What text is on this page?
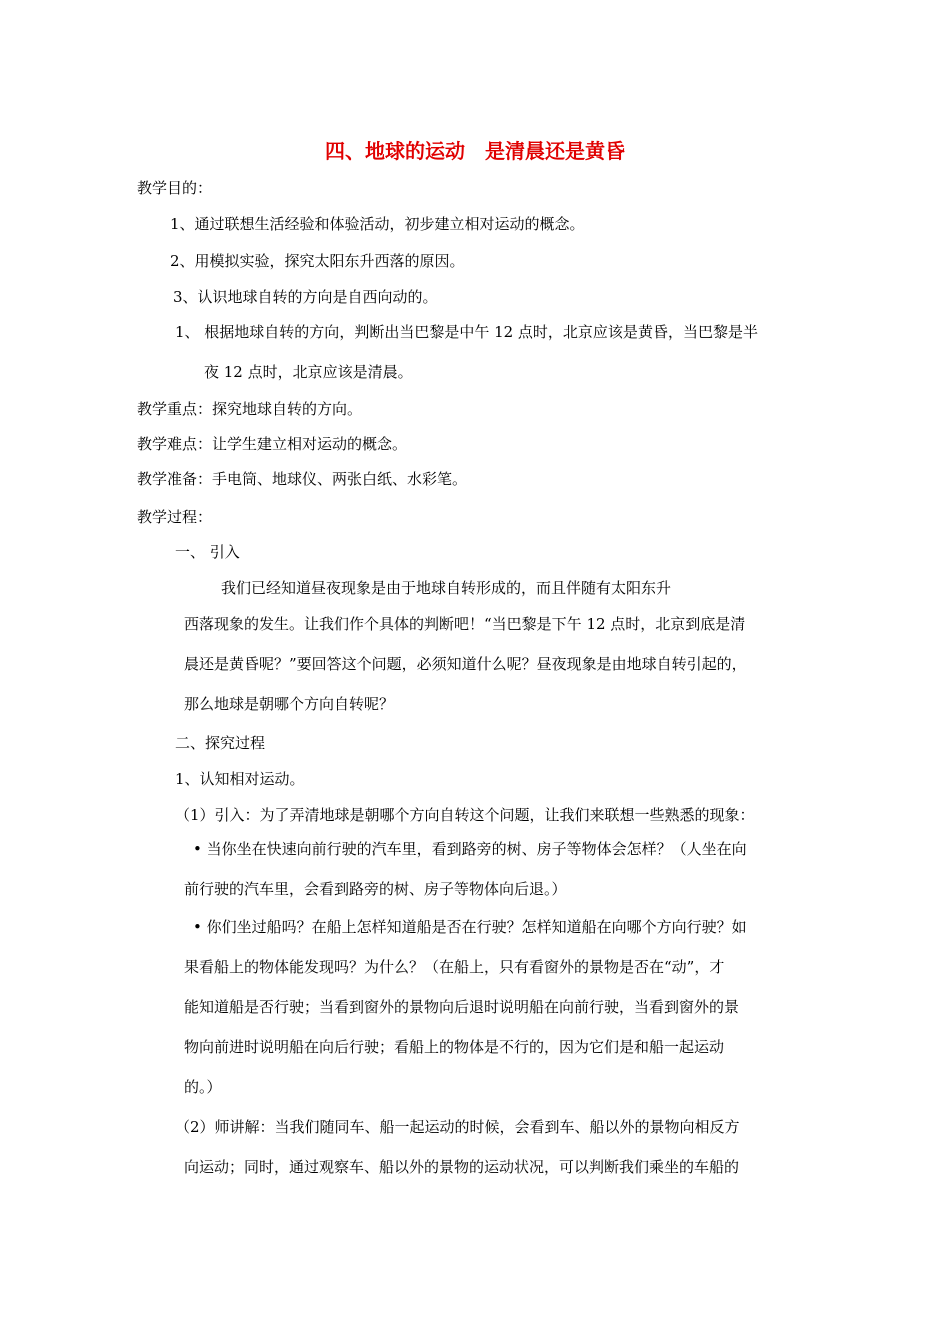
四、地球的运动　是清晨还是黄昏

教学目的：

1、通过联想生活经验和体验活动，初步建立相对运动的概念。

2、用模拟实验，探究太阳东升西落的原因。

3、认识地球自转的方向是自西向动的。

1、 根据地球自转的方向，判断出当巴黎是中午 12 点时，北京应该是黄昏，当巴黎是半

夜 12 点时，北京应该是清晨。

教学重点：探究地球自转的方向。

教学难点：让学生建立相对运动的概念。

教学准备：手电筒、地球仪、两张白纸、水彩笔。

教学过程：

一、 引入

我们已经知道昼夜现象是由于地球自转形成的，而且伴随有太阳东升

西落现象的发生。让我们作个具体的判断吧！“当巴黎是下午 12 点时，北京到底是清

晨还是黄昏呢？”要回答这个问题，必须知道什么呢？昼夜现象是由地球自转引起的，

那么地球是朝哪个方向自转呢？

二、探究过程

1、认知相对运动。

（1）引入：为了弄清地球是朝哪个方向自转这个问题，让我们来联想一些熟悉的现象：

• 当你坐在快速向前行驶的汽车里，看到路旁的树、房子等物体会怎样？（人坐在向

前行驶的汽车里，会看到路旁的树、房子等物体向后退。）

• 你们坐过船吗？在船上怎样知道船是否在行驶？怎样知道船在向哪个方向行驶？如

果看船上的物体能发现吗？为什么？（在船上，只有看窗外的景物是否在“动”，才

能知道船是否行驶；当看到窗外的景物向后退时说明船在向前行驶，当看到窗外的景

物向前进时说明船在向后行驶；看船上的物体是不行的，因为它们是和船一起运动

的。）

（2）师讲解：当我们随同车、船一起运动的时候，会看到车、船以外的景物向相反方

向运动；同时，通过观察车、船以外的景物的运动状况，可以判断我们乘坐的车船的
